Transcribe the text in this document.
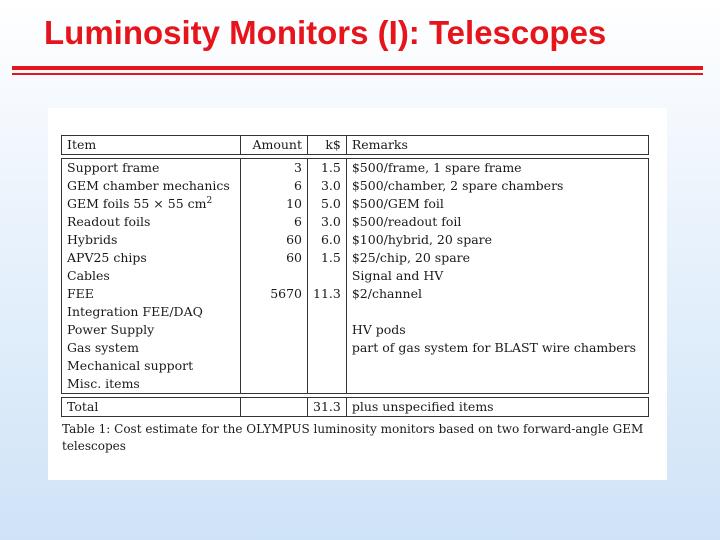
Luminosity Monitors (I): Telescopes
Item	Amount	k$	Remarks

Support frame	3	1.5	$500/frame, 1 spare frame
GEM chamber mechanics	6	3.0	$500/chamber, 2 spare chambers
GEM foils 55 × 55 $cm^2$	10	5.0	$500/GEM foil
Readout foils	6	3.0	$500/readout foil
Hybrids	60	6.0	$100/hybrid, 20 spare
APV25 chips	60	1.5	$25/chip, 20 spare
Cables			Signal and HV
FEE	5670	11.3	$2/channel
Integration FEE/DAQ			
Power Supply			HV pods
Gas system			part of gas system for BLAST wire chambers
Mechanical support			
Misc. items			

Total		31.3	plus unspecified items
Table 1: Cost estimate for the OLYMPUS luminosity monitors based on two forward-angle GEM telescopes
